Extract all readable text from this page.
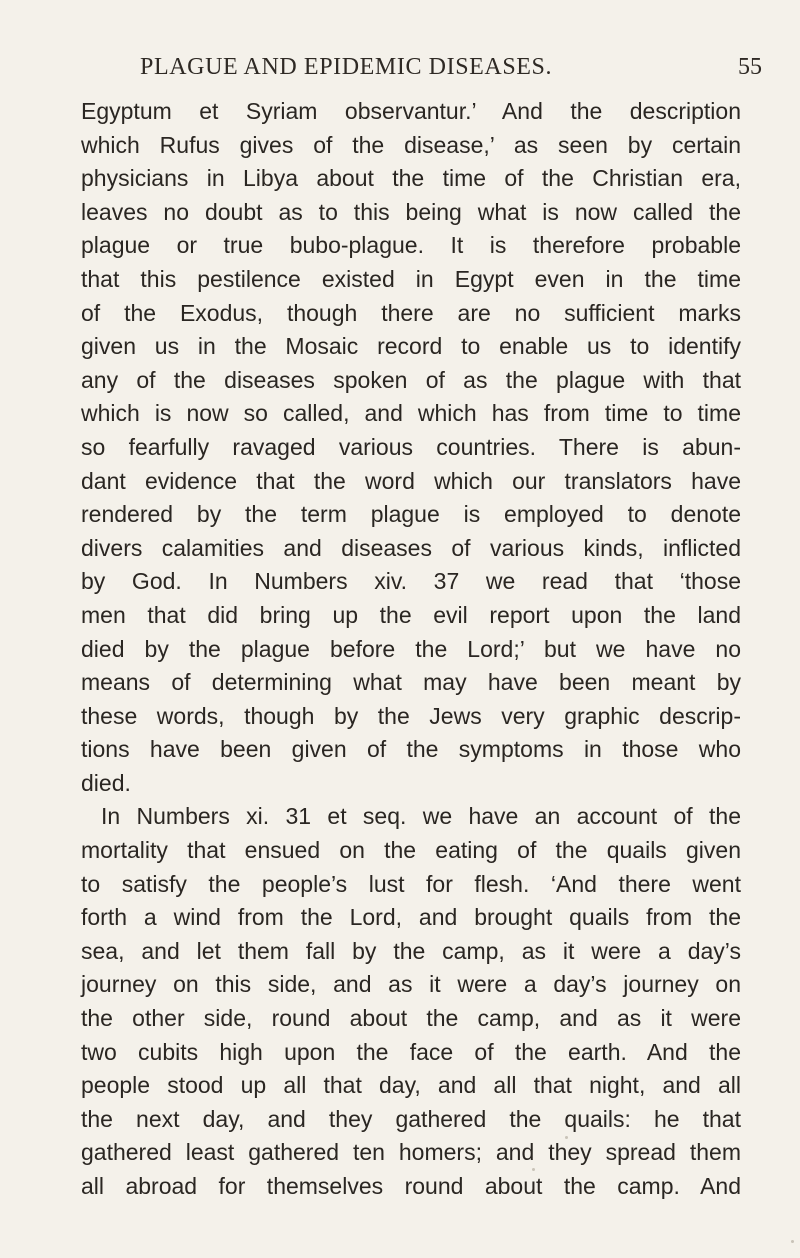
PLAGUE AND EPIDEMIC DISEASES.	55
Egyptum et Syriam observantur.’ And the description
which Rufus gives of the disease,’ as seen by certain
physicians in Libya about the time of the Christian era,
leaves no doubt as to this being what is now called the
plague or true bubo-plague. It is therefore probable
that this pestilence existed in Egypt even in the time
of the Exodus, though there are no sufficient marks
given us in the Mosaic record to enable us to identify
any of the diseases spoken of as the plague with that
which is now so called, and which has from time to time
so fearfully ravaged various countries. There is abun-
dant evidence that the word which our translators have
rendered by the term plague is employed to denote
divers calamities and diseases of various kinds, inflicted
by God. In Numbers xiv. 37 we read that ‘those
men that did bring up the evil report upon the land
died by the plague before the Lord;’ but we have no
means of determining what may have been meant by
these words, though by the Jews very graphic descrip-
tions have been given of the symptoms in those who
died.
In Numbers xi. 31 et seq. we have an account of the
mortality that ensued on the eating of the quails given
to satisfy the people’s lust for flesh. ‘And there went
forth a wind from the Lord, and brought quails from the
sea, and let them fall by the camp, as it were a day’s
journey on this side, and as it were a day’s journey on
the other side, round about the camp, and as it were
two cubits high upon the face of the earth. And the
people stood up all that day, and all that night, and all
the next day, and they gathered the quails: he that
gathered least gathered ten homers; and they spread them
all abroad for themselves round about the camp. And
